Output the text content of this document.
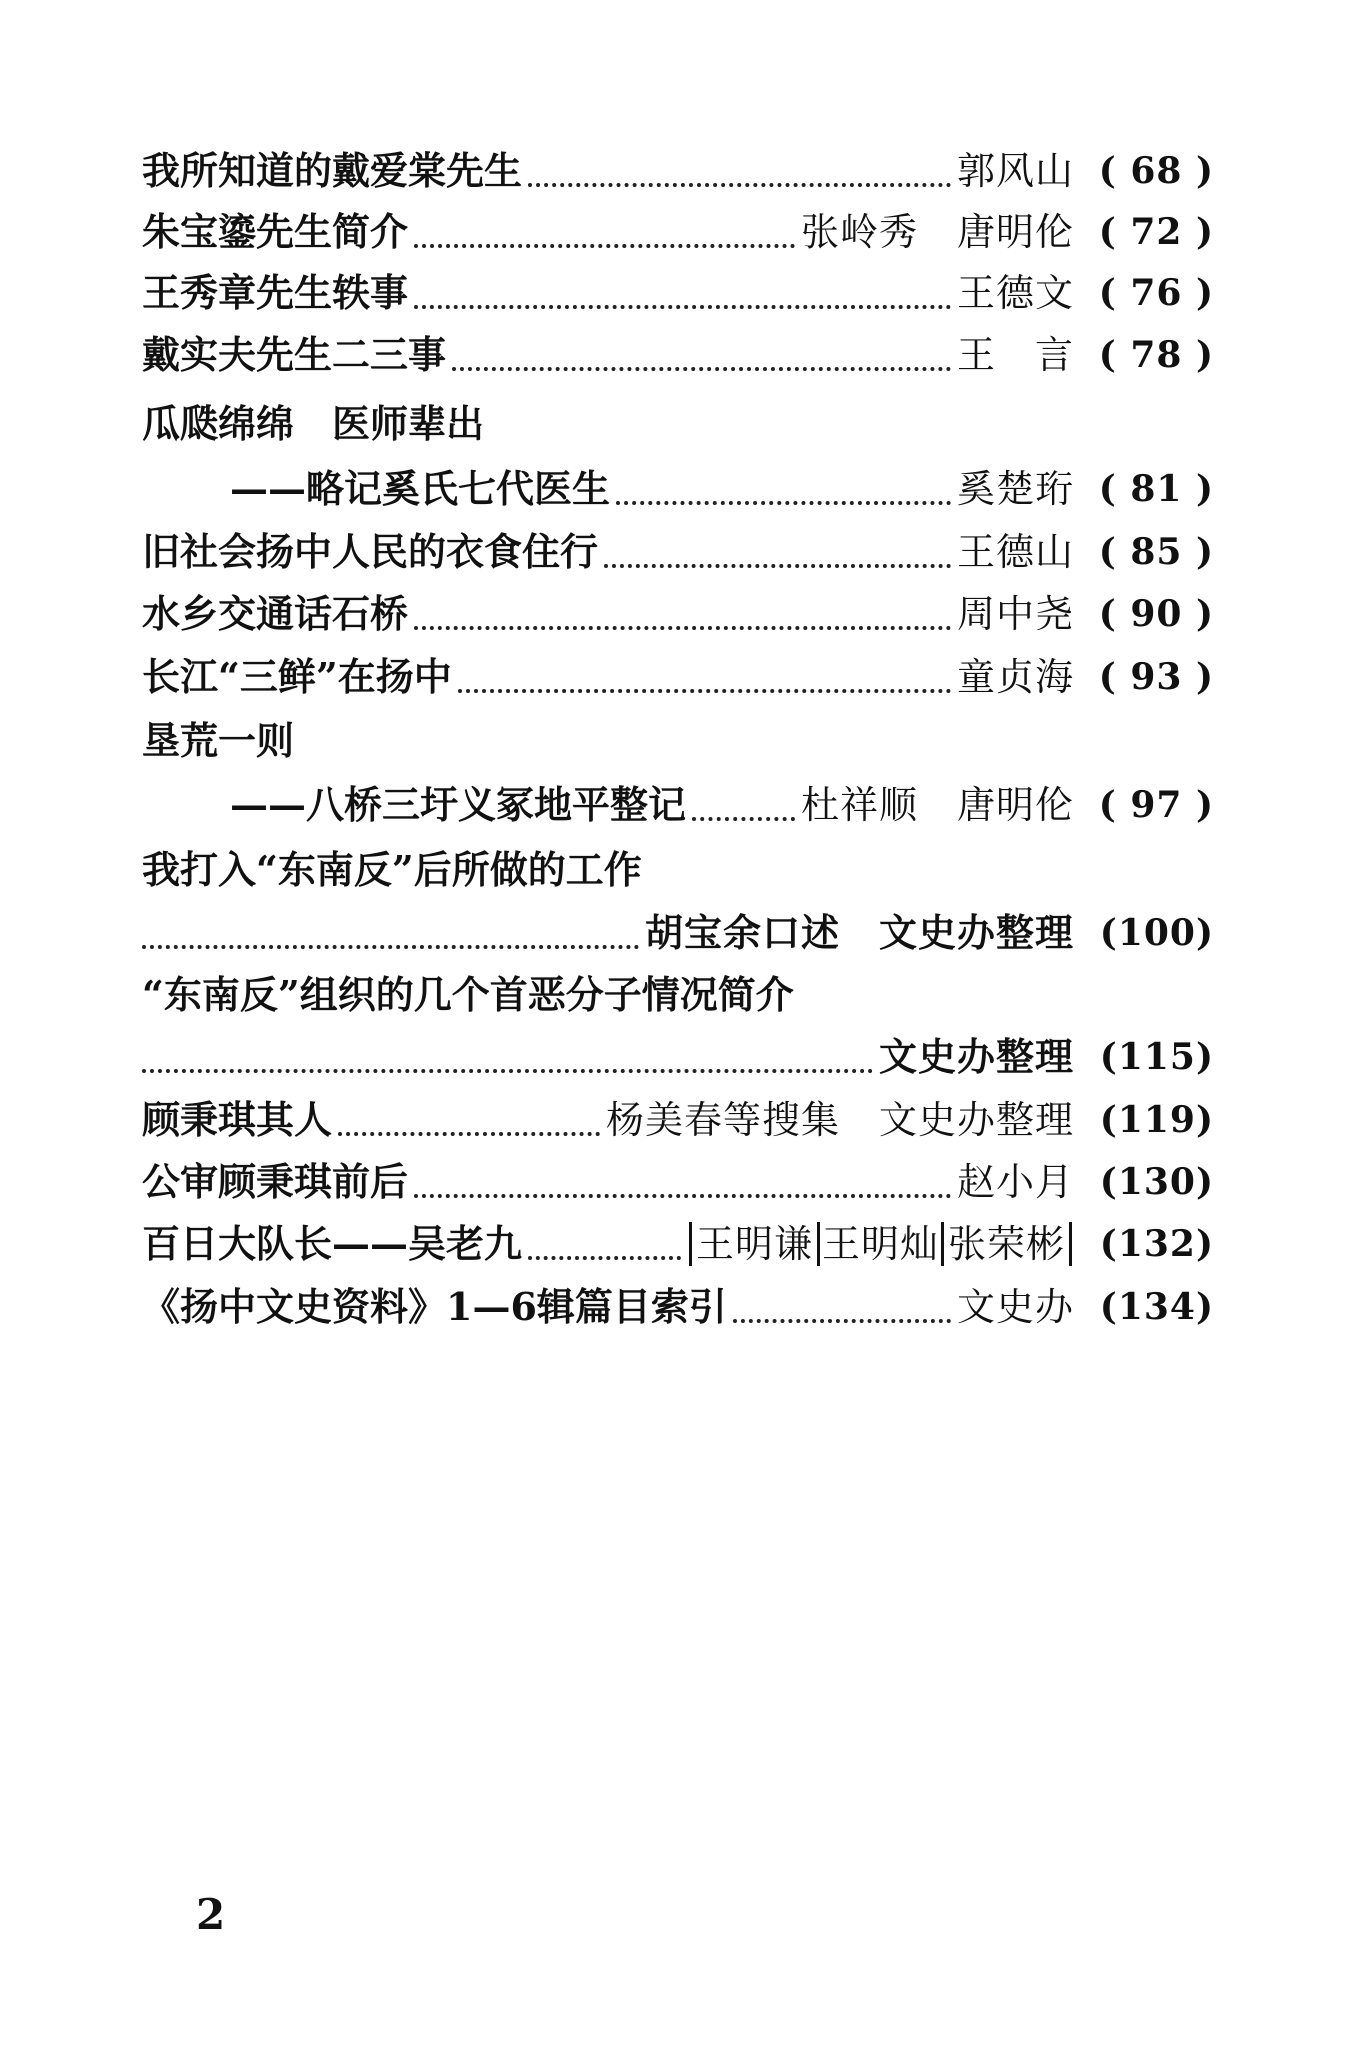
我所知道的戴爱棠先生	郭风山 ( 68 )
朱宝鎏先生简介	张岭秀　唐明伦 ( 72 )
王秀章先生轶事	王德文 ( 76 )
戴实夫先生二三事	王　言 ( 78 )
瓜瓞绵绵　医师辈出
——略记奚氏七代医生	奚楚珩 ( 81 )
旧社会扬中人民的衣食住行	王德山 ( 85 )
水乡交通话石桥	周中尧 ( 90 )
长江“三鲜”在扬中	童贞海 ( 93 )
垦荒一则
——八桥三圩义冢地平整记	杜祥顺　唐明伦 ( 97 )
我打入“东南反”后所做的工作
胡宝余口述　文史办整理 (100)
“东南反”组织的几个首恶分子情况简介
文史办整理 (115)
顾秉琪其人	杨美春等搜集　文史办整理 (119)
公审顾秉琪前后	赵小月 (130)
百日大队长——吴老九	王明谦 王明灿 张荣彬 (132)
《扬中文史资料》1—6辑篇目索引	文史办 (134)
2
